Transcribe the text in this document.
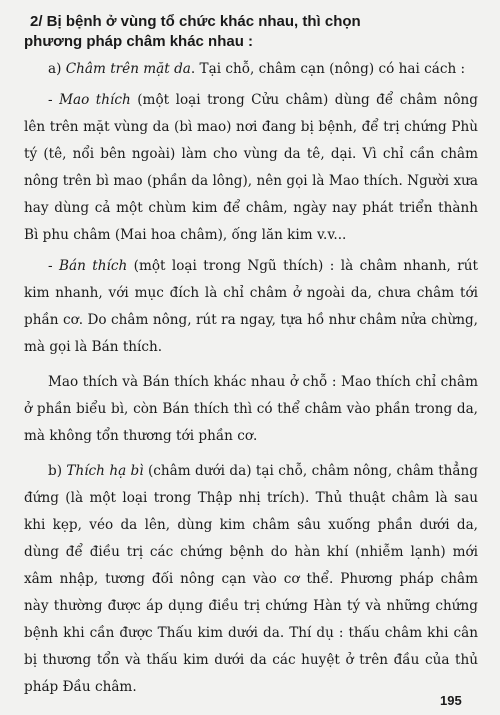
2/ Bị bệnh ở vùng tổ chức khác nhau, thì chọn
phương pháp châm khác nhau :

a) Châm trên mặt da. Tại chỗ, châm cạn (nông) có hai cách :

- Mao thích (một loại trong Cửu châm) dùng để châm nông lên trên mặt vùng da (bì mao) nơi đang bị bệnh, để trị chứng Phù tý (tê, nổi bên ngoài) làm cho vùng da tê, dại. Vì chỉ cần châm nông trên bì mao (phần da lông), nên gọi là Mao thích. Người xưa hay dùng cả một chùm kim để châm, ngày nay phát triển thành Bì phu châm (Mai hoa châm), ống lăn kim v.v...

- Bán thích (một loại trong Ngũ thích) : là châm nhanh, rút kim nhanh, với mục đích là chỉ châm ở ngoài da, chưa châm tới phần cơ. Do châm nông, rút ra ngay, tựa hồ như châm nửa chừng, mà gọi là Bán thích.

Mao thích và Bán thích khác nhau ở chỗ : Mao thích chỉ châm ở phần biểu bì, còn Bán thích thì có thể châm vào phần trong da, mà không tổn thương tới phần cơ.

b) Thích hạ bì (châm dưới da) tại chỗ, châm nông, châm thẳng đứng (là một loại trong Thập nhị trích). Thủ thuật châm là sau khi kẹp, véo da lên, dùng kim châm sâu xuống phần dưới da, dùng để điều trị các chứng bệnh do hàn khí (nhiễm lạnh) mới xâm nhập, tương đối nông cạn vào cơ thể. Phương pháp châm này thường được áp dụng điều trị chứng Hàn tý và những chứng bệnh khi cần được Thấu kim dưới da. Thí dụ : thấu châm khi cân bị thương tổn và thấu kim dưới da các huyệt ở trên đầu của thủ pháp Đầu châm.

195
